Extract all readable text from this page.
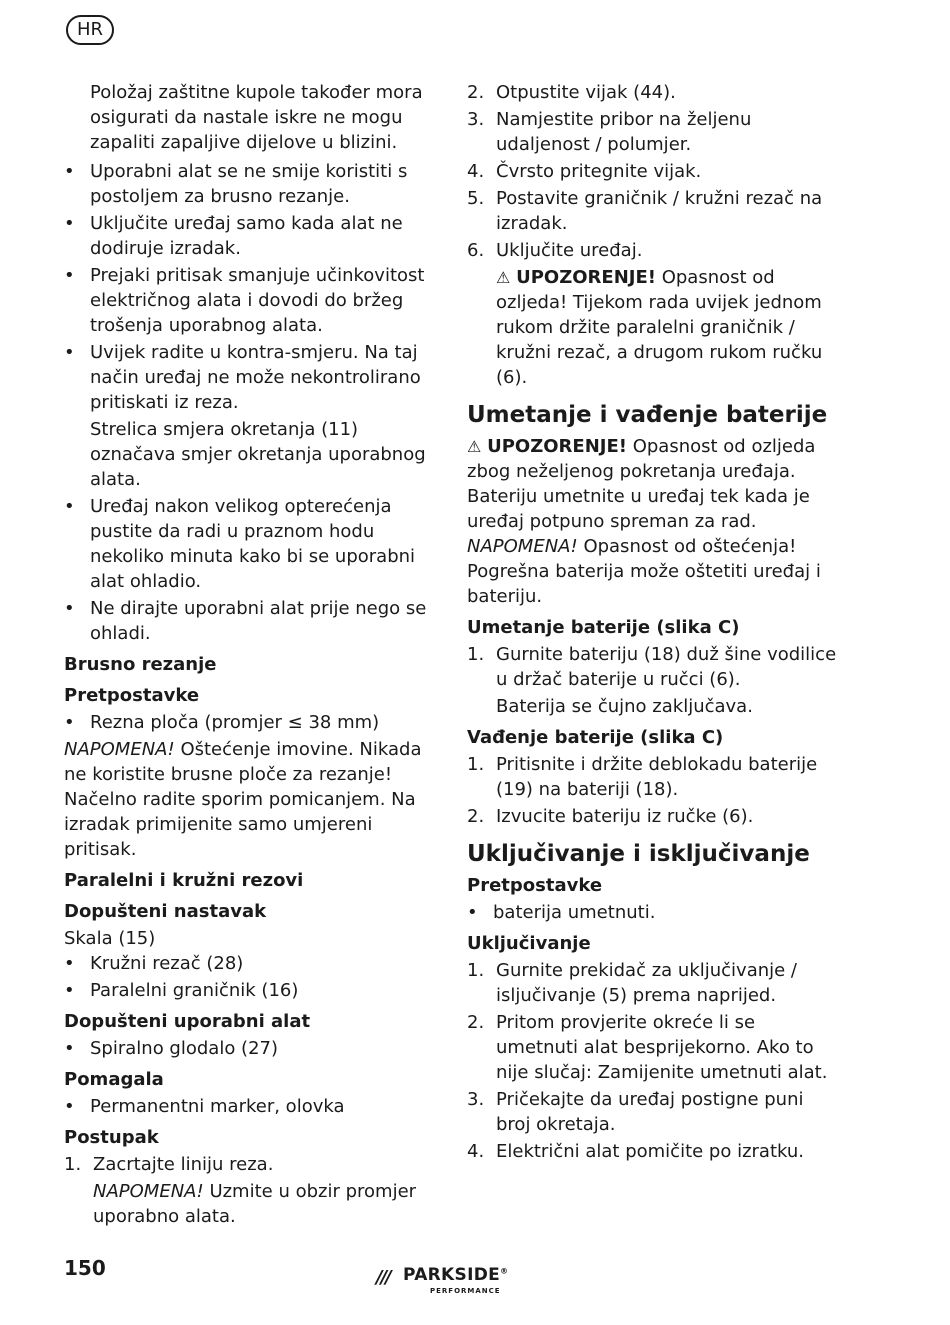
HR

Položaj zaštitne kupole također mora osigurati da nastale iskre ne mogu zapaliti zapaljive dijelove u blizini.

• Uporabni alat se ne smije koristiti s postoljem za brusno rezanje.
• Uključite uređaj samo kada alat ne dodiruje izradak.
• Prejaki pritisak smanjuje učinkovitost električnog alata i dovodi do bržeg trošenja uporabnog alata.
• Uvijek radite u kontra-smjeru. Na taj način uređaj ne može nekontrolirano pritiskati iz reza.

Strelica smjera okretanja (11) označava smjer okretanja uporabnog alata.

• Uređaj nakon velikog opterećenja pustite da radi u praznom hodu nekoliko minuta kako bi se uporabni alat ohladio.
• Ne dirajte uporabni alat prije nego se ohladi.
Brusno rezanje
Pretpostavke
• Rezna ploča (promjer ≤ 38 mm)

NAPOMENA! Oštećenje imovine. Nikada ne koristite brusne ploče za rezanje!

Načelno radite sporim pomicanjem. Na izradak primijenite samo umjereni pritisak.

Paralelni i kružni rezovi
Dopušteni nastavak

Skala (15)

• Kružni rezač (28)
• Paralelni graničnik (16)
Dopušteni uporabni alat
• Spiralno glodalo (27)
Pomagala
• Permanentni marker, olovka
Postupak
1. Zacrtajte liniju reza.

NAPOMENA! Uzmite u obzir promjer uporabno alata.

2. Otpustite vijak (44).
3. Namjestite pribor na željenu udaljenost / polumjer.
4. Čvrsto pritegnite vijak.
5. Postavite graničnik / kružni rezač na izradak.
6. Uključite uređaj.

⚠ UPOZORENJE! Opasnost od ozljeda! Tijekom rada uvijek jednom rukom držite paralelni graničnik / kružni rezač, a drugom rukom ručku (6).

Umetanje i vađenje baterije

⚠ UPOZORENJE! Opasnost od ozljeda zbog neželjenog pokretanja uređaja. Bateriju umetnite u uređaj tek kada je uređaj potpuno spreman za rad.

NAPOMENA! Opasnost od oštećenja! Pogrešna baterija može oštetiti uređaj i bateriju.

Umetanje baterije (slika C)
1. Gurnite bateriju (18) duž šine vodilice u držač baterije u ručci (6).

Baterija se čujno zaključava.

Vađenje baterije (slika C)
1. Pritisnite i držite deblokadu baterije (19) na bateriji (18).
2. Izvucite bateriju iz ručke (6).
Uključivanje i isključivanje
Pretpostavke
• baterija umetnuti.
Uključivanje
1. Gurnite prekidač za uključivanje / isljučivanje (5) prema naprijed.
2. Pritom provjerite okreće li se umetnuti alat besprijekorno. Ako to nije slučaj: Zamijenite umetnuti alat.
3. Pričekajte da uređaj postigne puni broj okretaja.
4. Električni alat pomičite po izratku.
150	/// PARKSIDE®
PERFORMANCE
